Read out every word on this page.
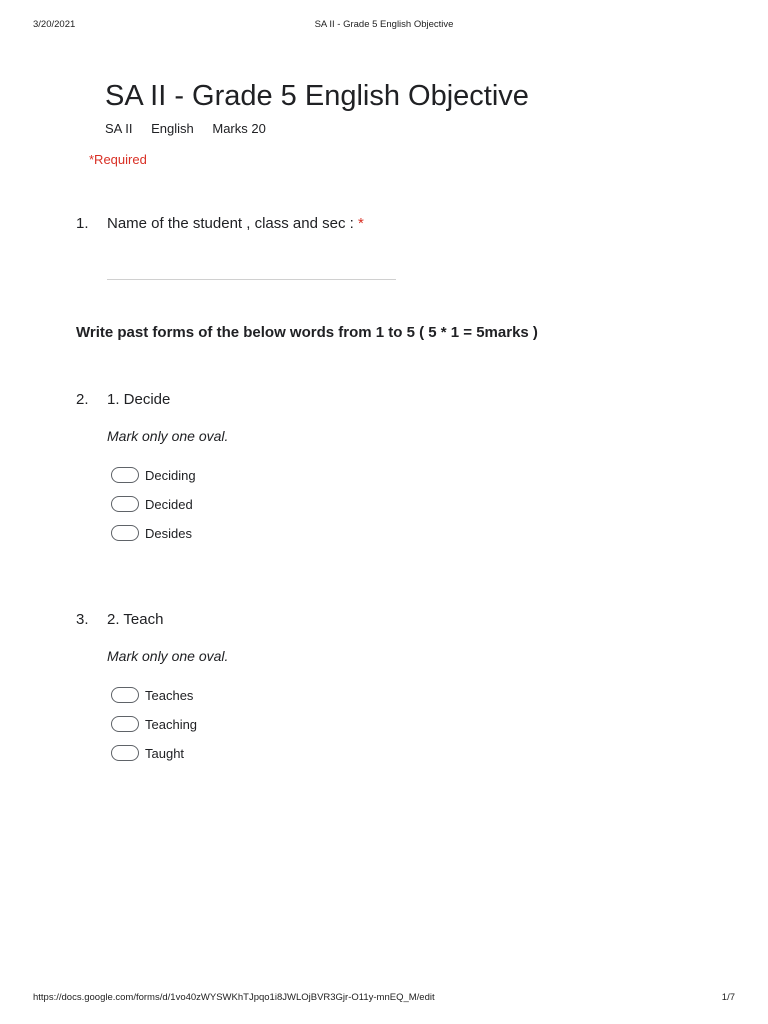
3/20/2021	SA II - Grade 5 English Objective
SA II - Grade 5 English Objective
SA II English Marks 20
*Required
1. Name of the student , class and sec : *
Write past forms of the below words from 1 to 5 ( 5 * 1 = 5marks )
2. 1. Decide
Mark only one oval.
Deciding
Decided
Desides
3. 2. Teach
Mark only one oval.
Teaches
Teaching
Taught
https://docs.google.com/forms/d/1vo40zWYSWKhTJpqo1i8JWLOjBVR3Gjr-O11y-mnEQ_M/edit	1/7
